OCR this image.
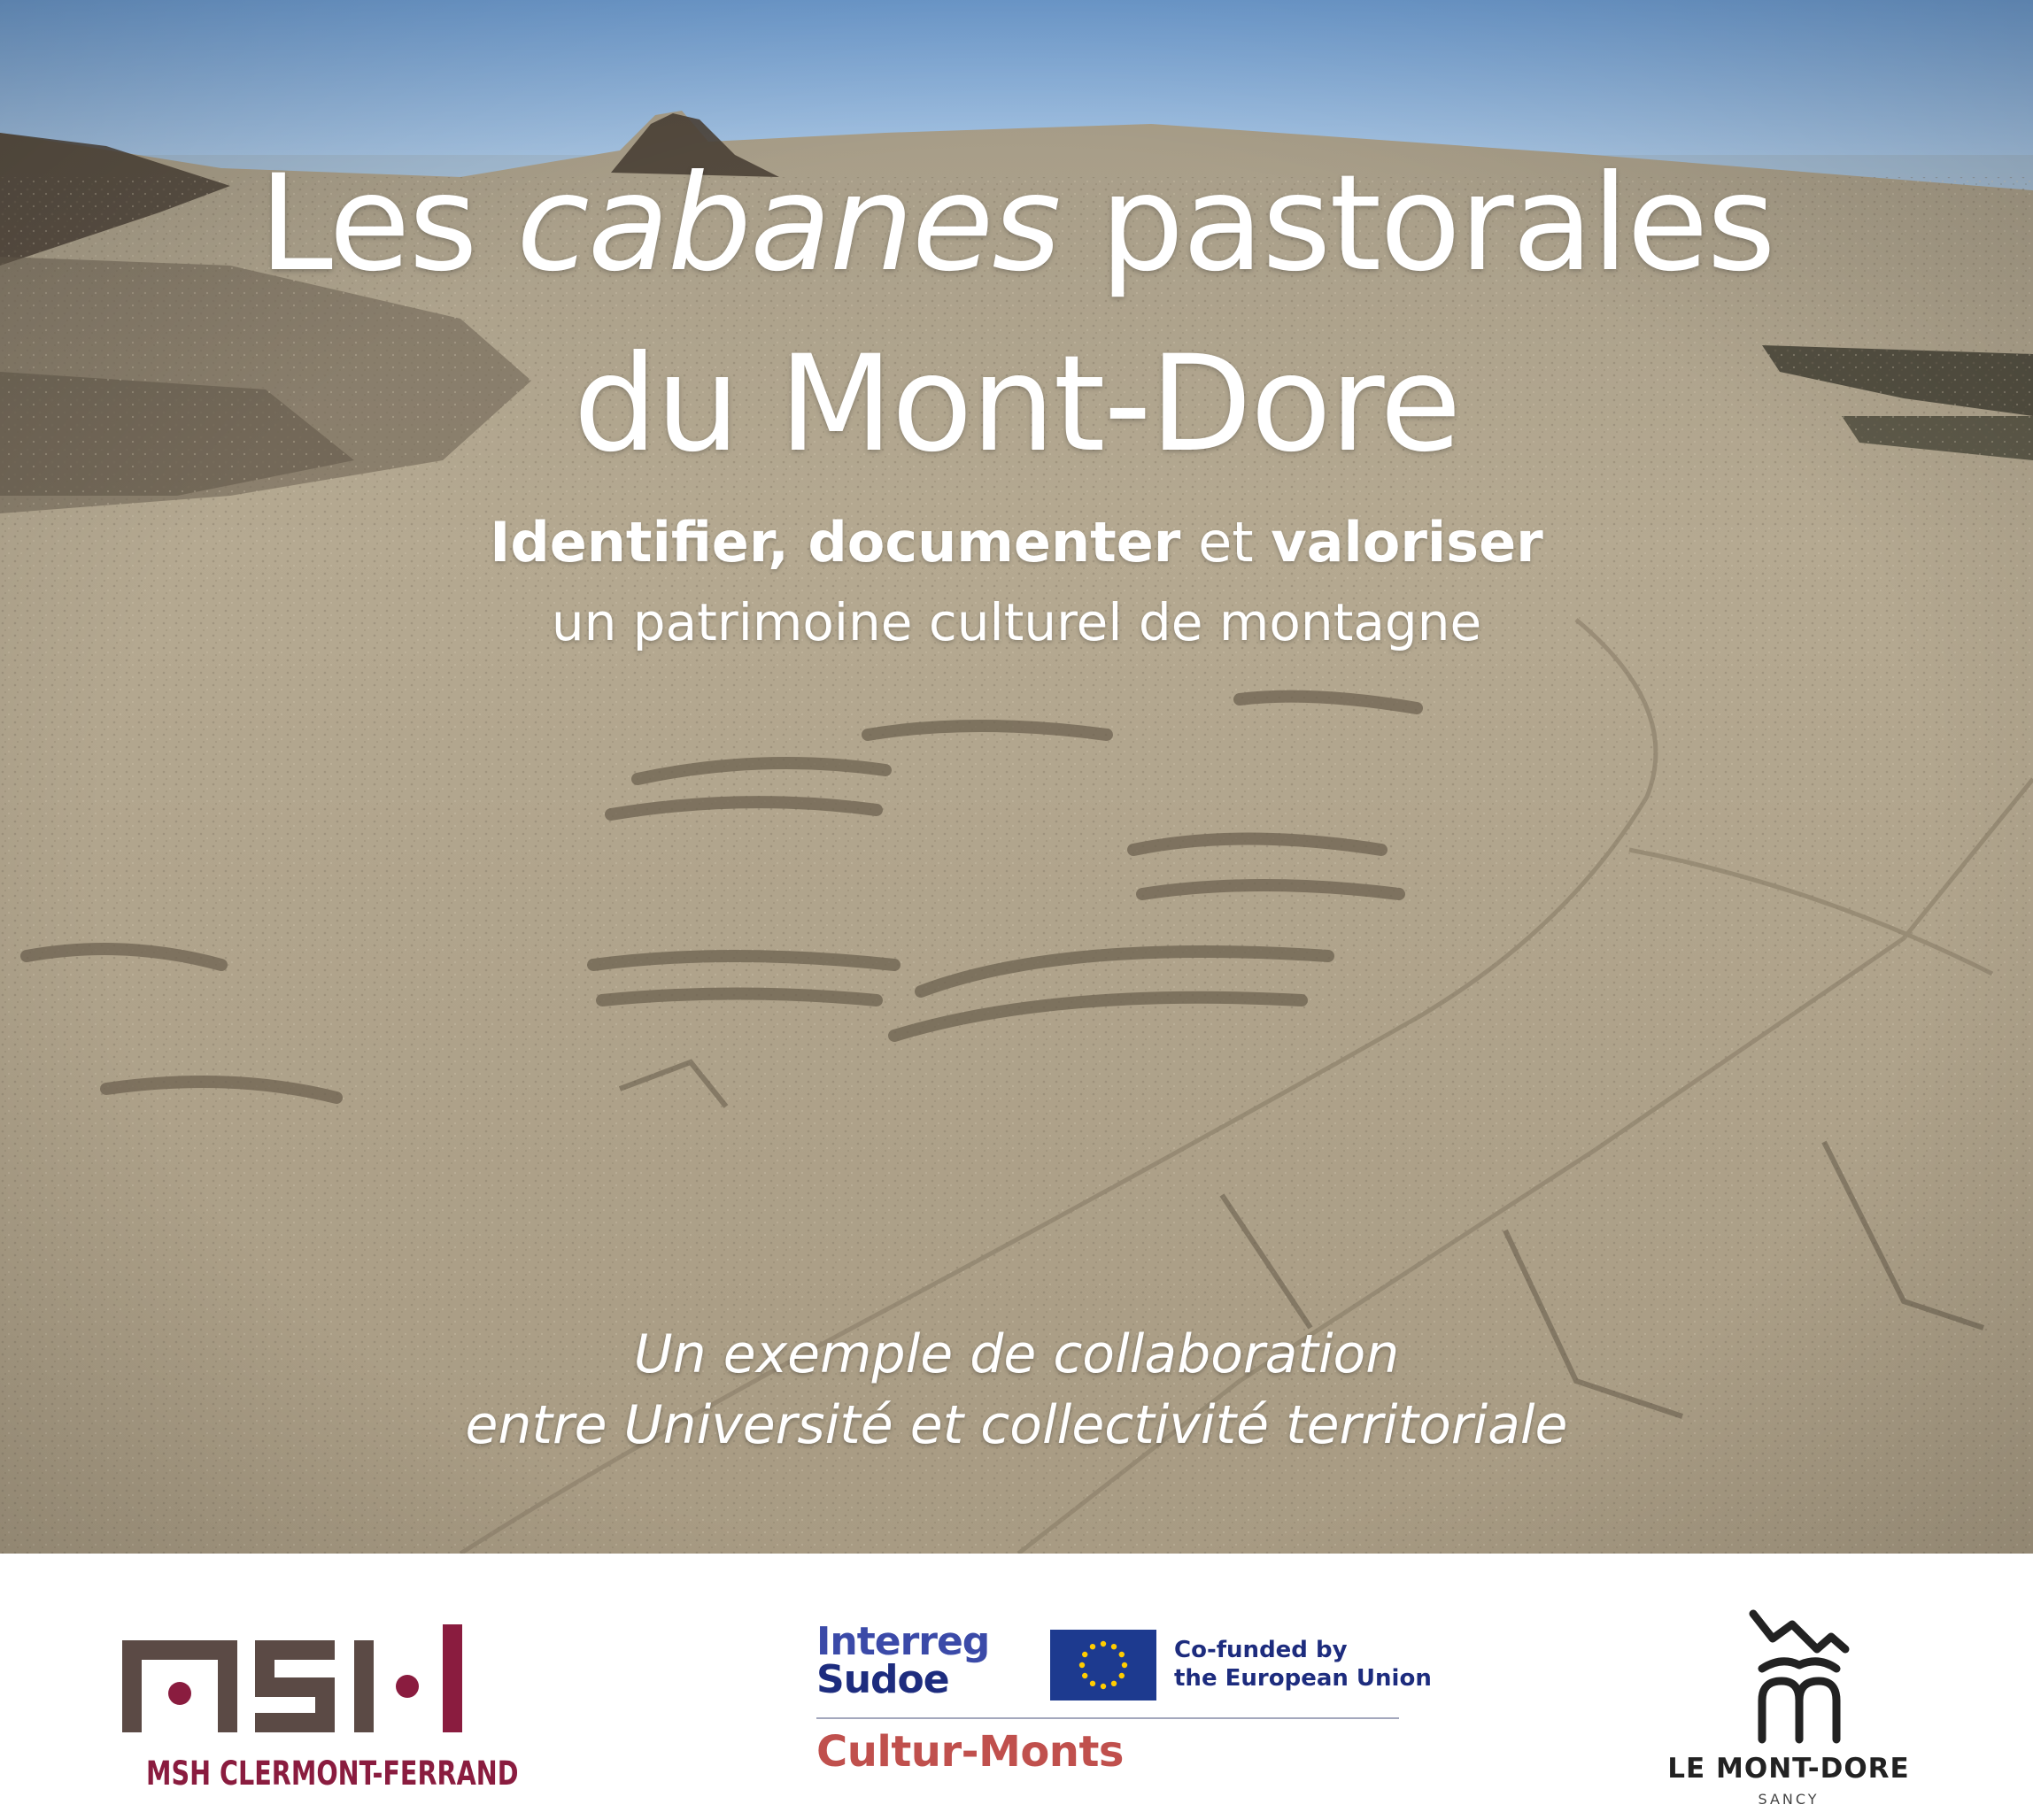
Les cabanes pastorales
du Mont-Dore
Identifier, documenter et valoriser
un patrimoine culturel de montagne
Un exemple de collaboration
entre Université et collectivité territoriale
MSH CLERMONT-FERRAND
Interreg
Sudoe
Co-funded by
the European Union
Cultur-Monts	LE MONT-DORE
SANCY
